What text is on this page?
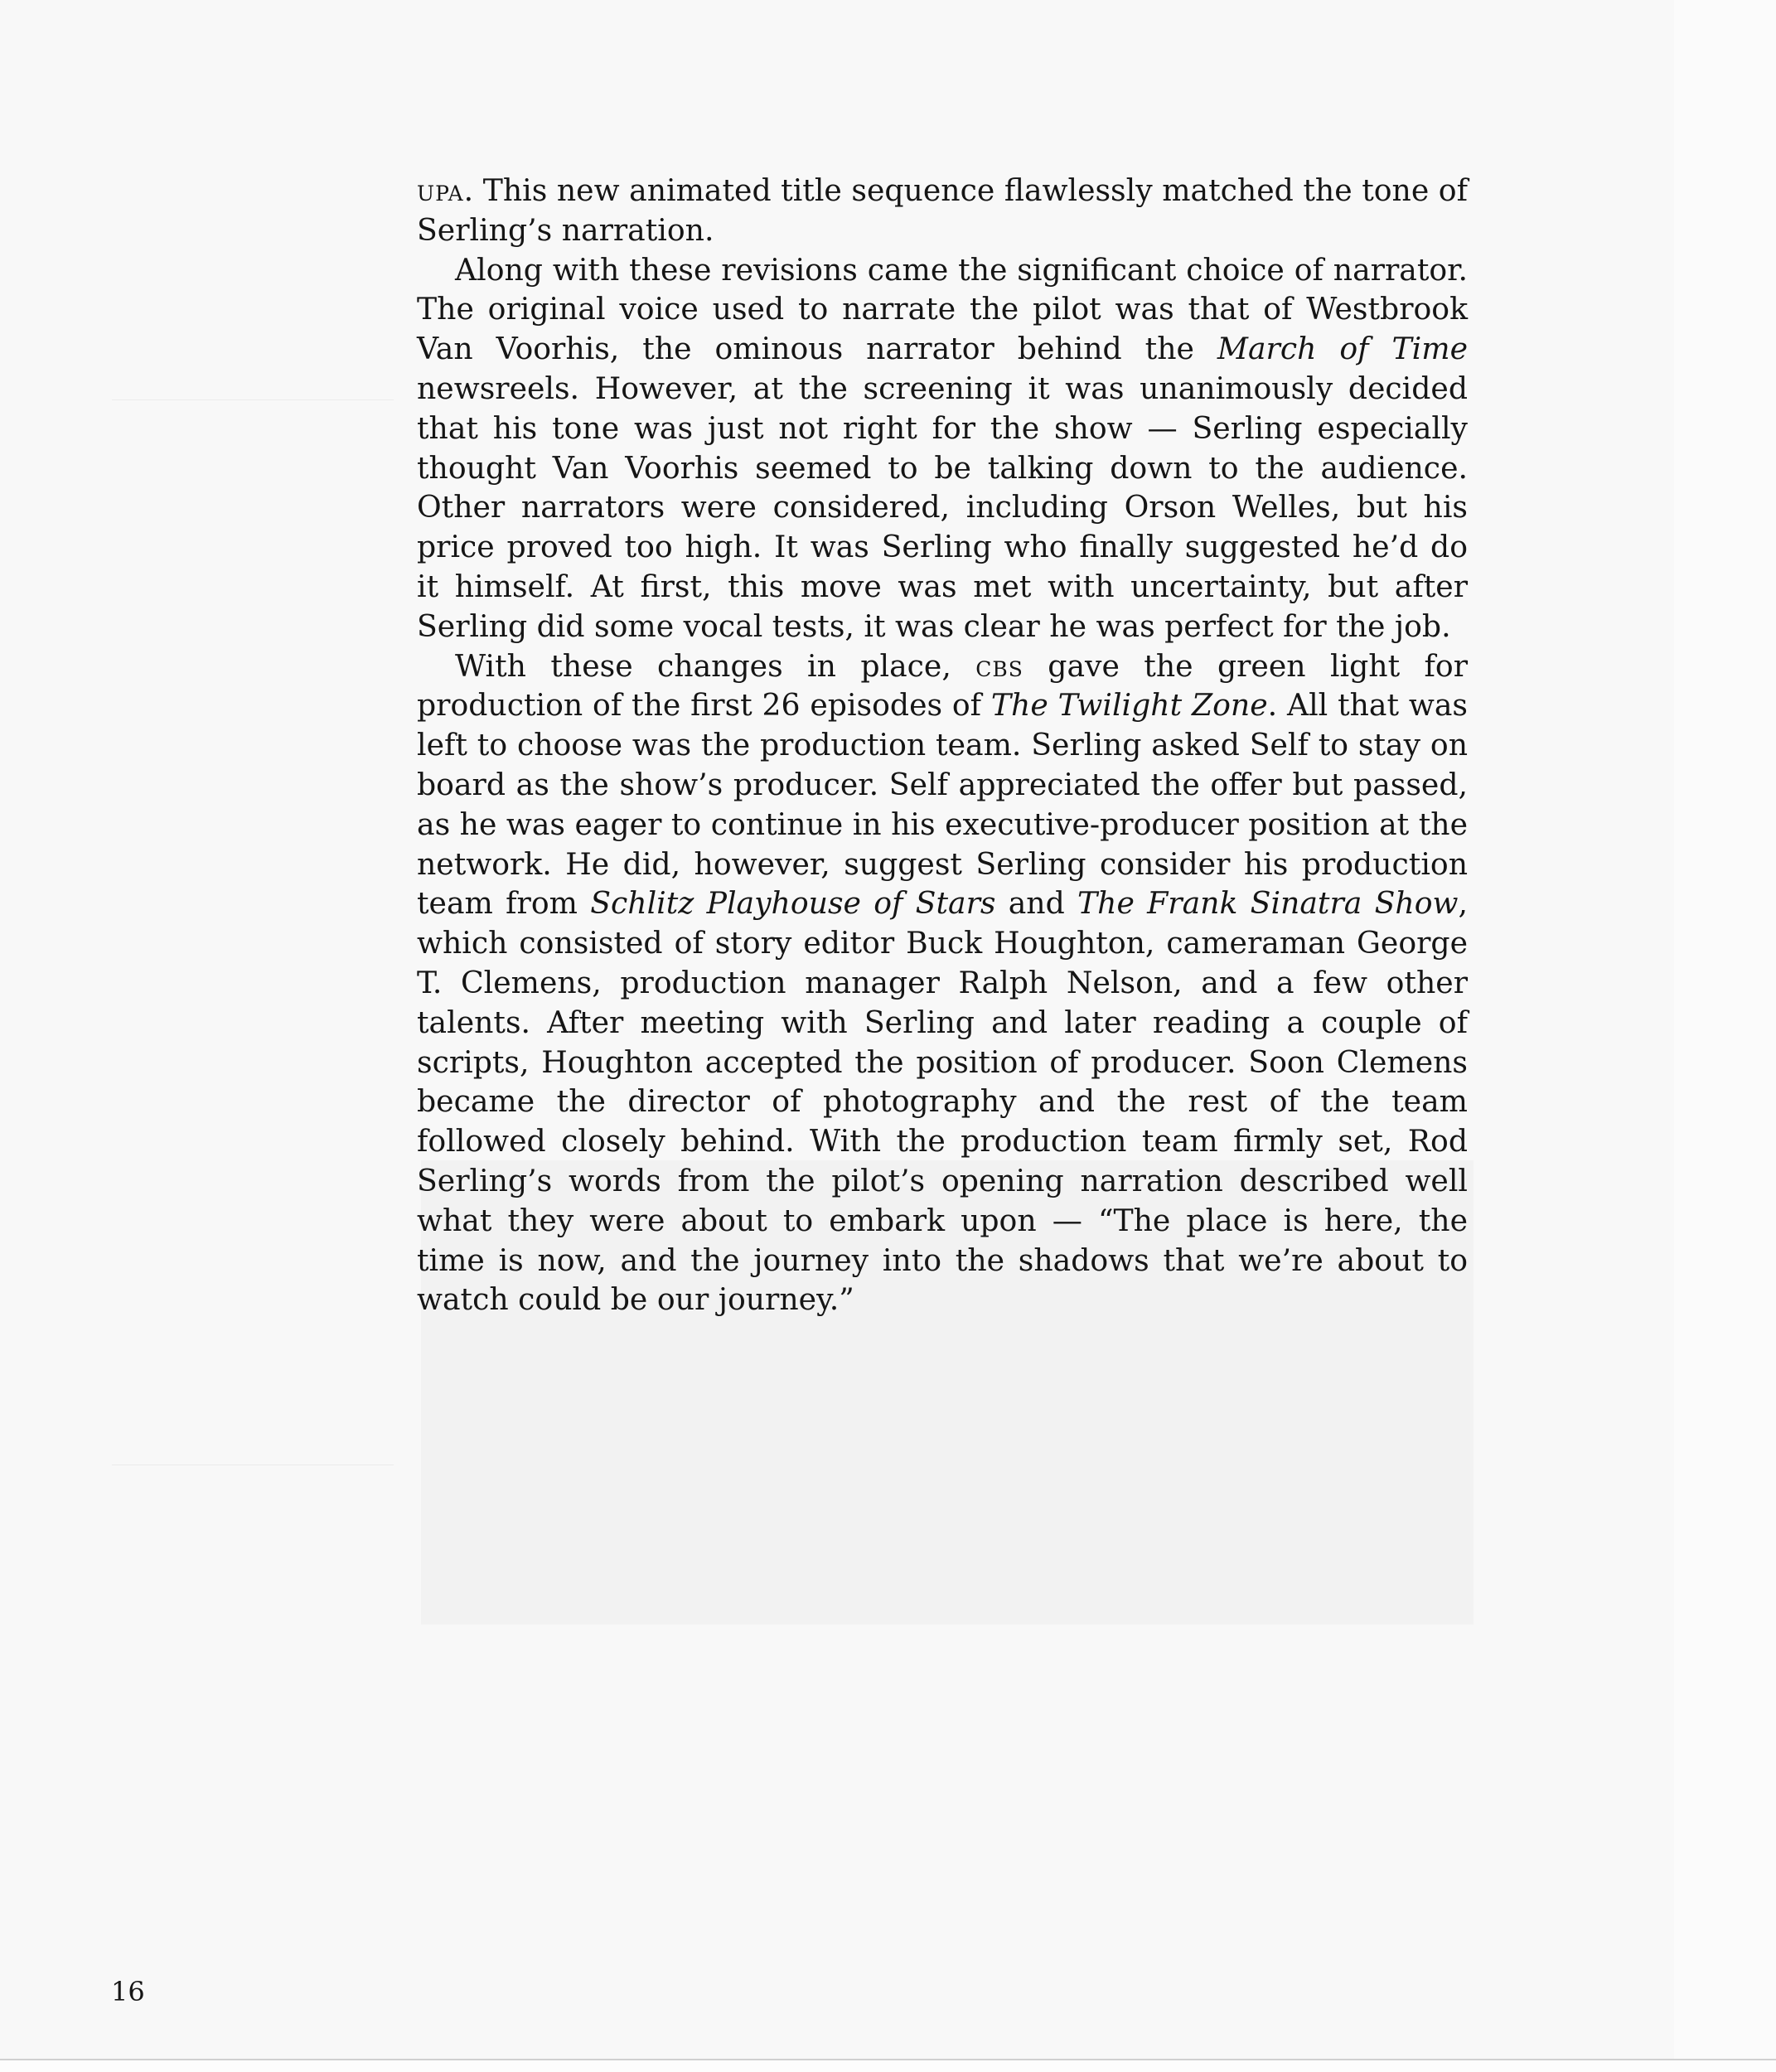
upa. This new animated title sequence flawlessly matched the tone of Serling’s narration.

Along with these revisions came the significant choice of narrator. The original voice used to narrate the pilot was that of Westbrook Van Voorhis, the ominous narrator behind the March of Time newsreels. However, at the screening it was unanimously decided that his tone was just not right for the show — Serling especially thought Van Voorhis seemed to be talking down to the audience. Other narrators were considered, including Orson Welles, but his price proved too high. It was Serling who finally suggested he’d do it himself. At first, this move was met with uncertainty, but after Serling did some vocal tests, it was clear he was perfect for the job.

With these changes in place, cbs gave the green light for production of the first 26 episodes of The Twilight Zone. All that was left to choose was the production team. Serling asked Self to stay on board as the show’s producer. Self appreciated the offer but passed, as he was eager to continue in his executive-producer position at the network. He did, however, suggest Serling consider his production team from Schlitz Playhouse of Stars and The Frank Sinatra Show, which consisted of story editor Buck Houghton, cameraman George T. Clemens, production manager Ralph Nelson, and a few other talents. After meeting with Serling and later reading a couple of scripts, Houghton accepted the position of producer. Soon Clemens became the director of photography and the rest of the team followed closely behind. With the production team firmly set, Rod Serling’s words from the pilot’s opening narration described well what they were about to embark upon — “The place is here, the time is now, and the journey into the shadows that we’re about to watch could be our journey.”

16
